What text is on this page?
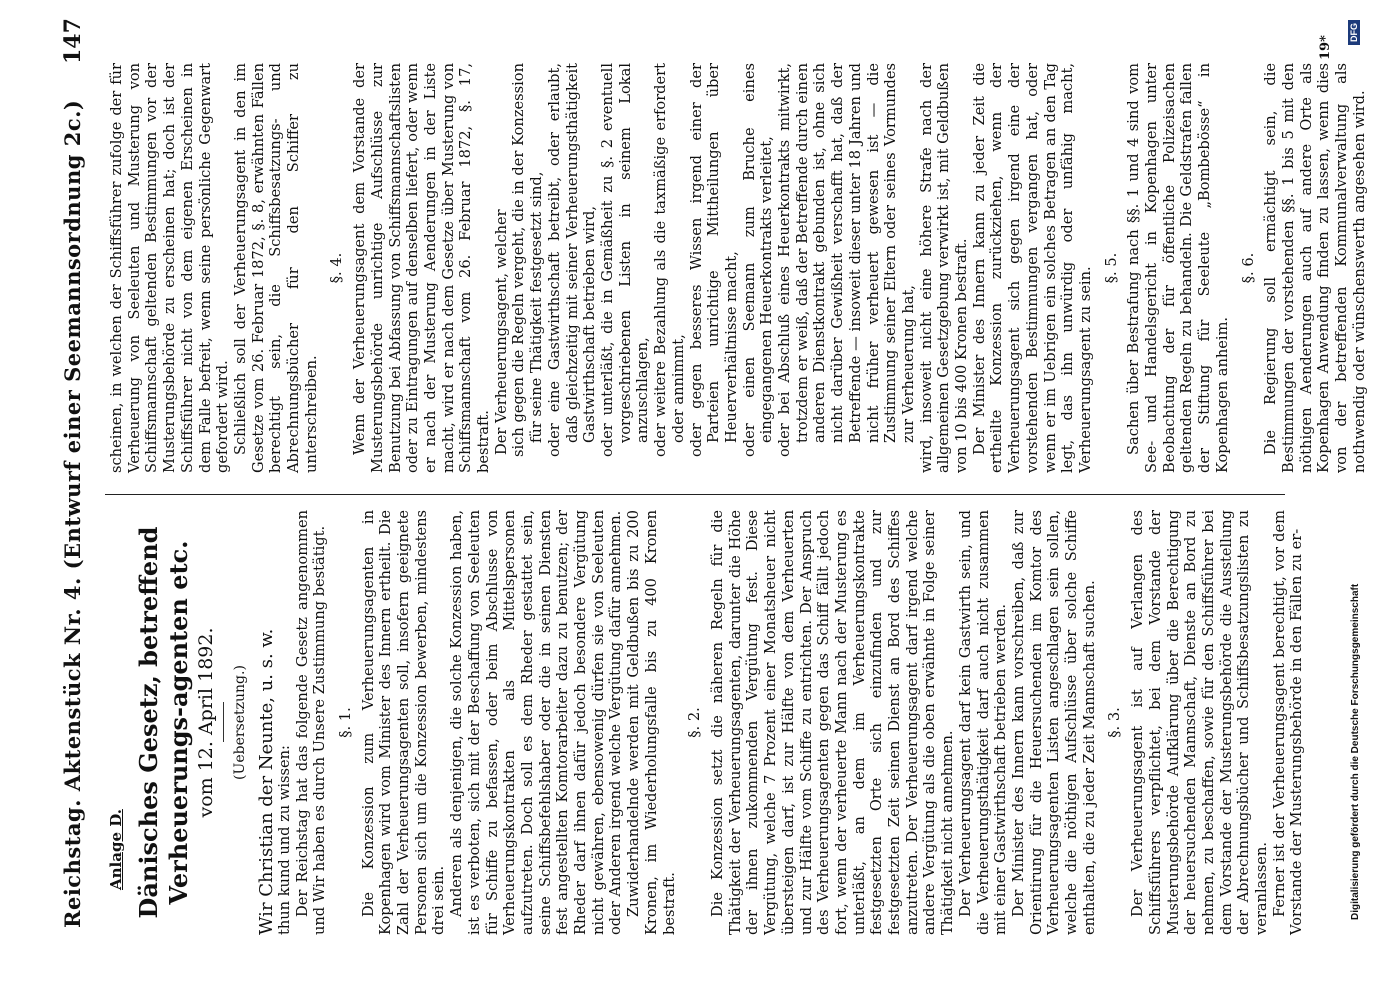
Reichstag. Aktenstück Nr. 4. (Entwurf einer Seemannsordnung 2c.)
147
Anlage D. Dänisches Gesetz, betreffend Verheuerungs-agenten etc. vom 12. April 1892. (Uebersetzung.) Wir Christian der Neunte, u. s. w.

thun kund und zu wissen: Der Reichstag hat das folgende Gesetz angenommen und Wir haben es durch Unsere Zustimmung bestätigt. §. 1. Die Konzession zum Verheuerungsagenten in Kopenhagen wird vom Minister des Innern ertheilt. Die Zahl der Verheuerungsagenten soll, insofern geeignete Personen sich um die Konzession bewerben, mindestens drei sein. Anderen als denjenigen, die solche Konzession haben, ist es verboten, sich mit der Beschaffung von Seeleuten für Schiffe zu befassen, oder beim Abschlusse von Verheuerungskontrakten als Mittelspersonen aufzutreten. Doch soll es dem Rheder gestattet sein, seine Schiffsbefehlshaber oder die in seinen Diensten fest angestellten Komtorarbeiter dazu zu benutzen; der Rheder darf ihnen dafür jedoch besondere Vergütung nicht gewähren, ebensowenig dürfen sie von Seeleuten oder Anderen irgend welche Vergütung dafür annehmen. Zuwiderhandelnde werden mit Geldbußen bis zu 200 Kronen, im Wiederholungsfalle bis zu 400 Kronen bestraft.

§. 2. Die Konzession setzt die näheren Regeln für die Thätigkeit der Verheuerungsagenten, darunter die Höhe der ihnen zukommenden Vergütung fest. Diese Vergütung, welche 7 Prozent einer Monatsheuer nicht übersteigen darf, ist zur Hälfte von dem Verheuerten und zur Hälfte vom Schiffe zu entrichten. Der Anspruch des Verheuerungsagenten gegen das Schiff fällt jedoch fort, wenn der verheuerte Mann nach der Musterung es unterläßt, an dem im Verheuerungskontrakte festgesetzten Orte sich einzufinden und zur festgesetzten Zeit seinen Dienst an Bord des Schiffes anzutreten. Der Verheuerungsagent darf irgend welche andere Vergütung als die oben erwähnte in Folge seiner Thätigkeit nicht annehmen. Der Verheuerungsagent darf kein Gastwirth sein, und die Verheuerungsthätigkeit darf auch nicht zusammen mit einer Gastwirthschaft betrieben werden. Der Minister des Innern kann vorschreiben, daß zur Orientirung für die Heuersuchenden im Komtor des Verheuerungsagenten Listen angeschlagen sein sollen, welche die nöthigen Aufschlüsse über solche Schiffe enthalten, die zu jeder Zeit Mannschaft suchen. §. 3. Der Verheuerungsagent ist auf Verlangen des Schiffsführers verpflichtet, bei dem Vorstande der Musterungsbehörde Aufklärung über die Berechtigung der heuersuchenden Mannschaft, Dienste an Bord zu nehmen, zu beschaffen, sowie für den Schiffsführer bei dem Vorstande der Musterungsbehörde die Ausstellung der Abrechnungsbücher und Schiffsbesatzungslisten zu veranlassen. Ferner ist der Verheuerungsagent berechtigt, vor dem Vorstande der Musterungsbehörde in den Fällen zu er-

scheinen, in welchen der Schiffsführer zufolge der für Verheuerung von Seeleuten und Musterung von Schiffsmannschaft geltenden Bestimmungen vor der Musterungsbehörde zu erscheinen hat; doch ist der Schiffsführer nicht von dem eigenen Erscheinen in dem Falle befreit, wenn seine persönliche Gegenwart gefordert wird. Schließlich soll der Verheuerungsagent in den im Gesetze vom 26. Februar 1872, §. 8, erwähnten Fällen berechtigt sein, die Schiffsbesatzungs- und Abrechnungsbücher für den Schiffer zu unterschreiben.

§. 4. Wenn der Verheuerungsagent dem Vorstande der Musterungsbehörde unrichtige Aufschlüsse zur Benutzung bei Abfassung von Schiffsmannschaftslisten oder zu Eintragungen auf denselben liefert, oder wenn er nach der Musterung Aenderungen in der Liste macht, wird er nach dem Gesetze über Musterung von Schiffsmannschaft vom 26. Februar 1872, §. 17, bestraft. Der Verheuerungsagent, welcher sich gegen die Regeln vergeht, die in der Konzession für seine Thätigkeit festgesetzt sind, oder eine Gastwirthschaft betreibt, oder erlaubt, daß gleichzeitig mit seiner Verheuerungsthätigkeit Gastwirthschaft betrieben wird, oder unterläßt, die in Gemäßheit zu §. 2 eventuell vorgeschriebenen Listen in seinem Lokal anzuschlagen, oder weitere Bezahlung als die taxmäßige erfordert oder annimmt, oder gegen besseres Wissen irgend einer der Parteien unrichtige Mittheilungen über Heuerverhältnisse macht, oder einen Seemann zum Bruche eines eingegangenen Heuerkontrakts verleitet, oder bei Abschluß eines Heuerkontrakts mitwirkt, trotzdem er weiß, daß der Betreffende durch einen anderen Dienstkontrakt gebunden ist, ohne sich nicht darüber Gewißheit verschafft hat, daß der Betreffende — insoweit dieser unter 18 Jahren und nicht früher verheuert gewesen ist — die Zustimmung seiner Eltern oder seines Vormundes zur Verheuerung hat, wird, insoweit nicht eine höhere Strafe nach der allgemeinen Gesetzgebung verwirkt ist, mit Geldbußen von 10 bis 400 Kronen bestraft. Der Minister des Innern kann zu jeder Zeit die ertheilte Konzession zurückziehen, wenn der Verheuerungsagent sich gegen irgend eine der vorstehenden Bestimmungen vergangen hat, oder wenn er im Uebrigen ein solches Betragen an den Tag legt, das ihn unwürdig oder unfähig macht, Verheuerungsagent zu sein. §. 5. Sachen über Bestrafung nach §§. 1 und 4 sind vom See- und Handelsgericht in Kopenhagen unter Beobachtung der für öffentliche Polizeisachen geltenden Regeln zu behandeln. Die Geldstrafen fallen der Stiftung für Seeleute „Bombebösse“ in Kopenhagen anheim.

§. 6. Die Regierung soll ermächtigt sein, die Bestimmungen der vorstehenden §§. 1 bis 5 mit den nöthigen Aenderungen auch auf andere Orte als Kopenhagen Anwendung finden zu lassen, wenn dies von der betreffenden Kommunalverwaltung als nothwendig oder wünschenswerth angesehen wird.

19*
Digitalisierung gefördert durch die Deutsche Forschungsgemeinschaft
DFG
